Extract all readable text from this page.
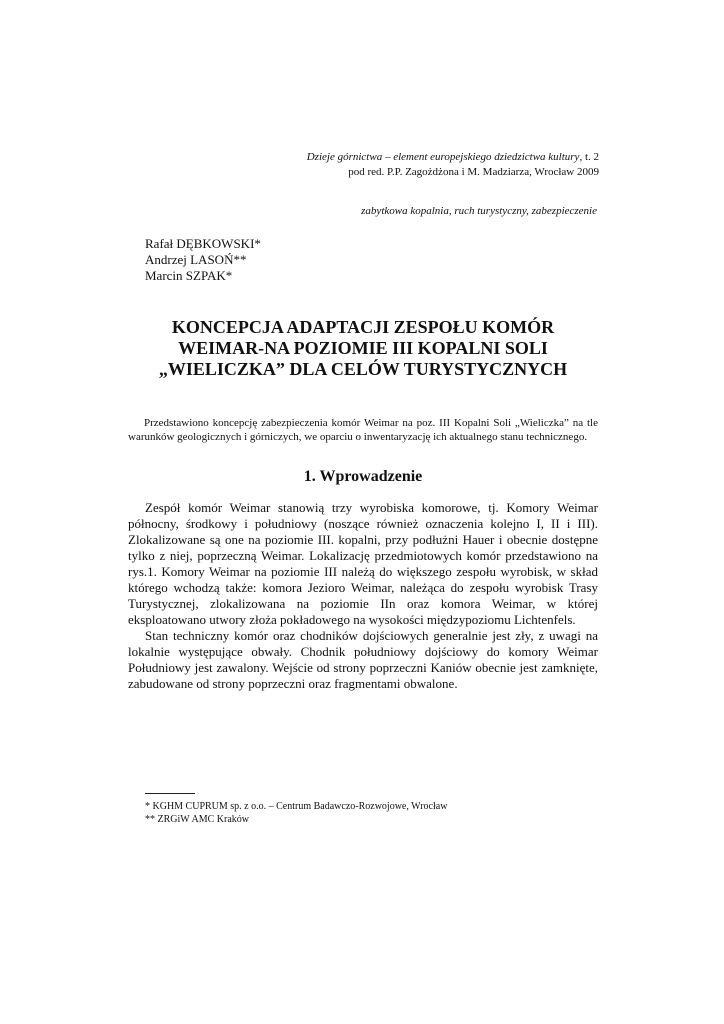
Dzieje górnictwa – element europejskiego dziedzictwa kultury, t. 2
pod red. P.P. Zagożdżona i M. Madziarza, Wrocław 2009
zabytkowa kopalnia, ruch turystyczny, zabezpieczenie
Rafał DĘBKOWSKI*
Andrzej LASOŃ**
Marcin SZPAK*
KONCEPCJA ADAPTACJI ZESPOŁU KOMÓR
WEIMAR-NA POZIOMIE III KOPALNI SOLI
„WIELICZKA” DLA CELÓW TURYSTYCZNYCH
Przedstawiono koncepcję zabezpieczenia komór Weimar na poz. III Kopalni Soli „Wieliczka” na tle warunków geologicznych i górniczych, we oparciu o inwentaryzację ich aktualnego stanu technicznego.
1. Wprowadzenie

Zespół komór Weimar stanowią trzy wyrobiska komorowe, tj. Komory Weimar północny, środkowy i południowy (noszące również oznaczenia kolejno I, II i III). Zlokalizowane są one na poziomie III. kopalni, przy podłużni Hauer i obecnie dostępne tylko z niej, poprzeczną Weimar. Lokalizację przedmiotowych komór przedstawiono na rys.1. Komory Weimar na poziomie III należą do większego zespołu wyrobisk, w skład którego wchodzą także: komora Jezioro Weimar, należąca do zespołu wyrobisk Trasy Turystycznej, zlokalizowana na poziomie IIn oraz komora Weimar, w której eksploatowano utwory złoża pokładowego na wysokości międzypoziomu Lichtenfels.

Stan techniczny komór oraz chodników dojściowych generalnie jest zły, z uwagi na lokalnie występujące obwały. Chodnik południowy dojściowy do komory Weimar Południowy jest zawalony. Wejście od strony poprzeczni Kaniów obecnie jest zamknięte, zabudowane od strony poprzeczni oraz fragmentami obwalone.

* KGHM CUPRUM sp. z o.o. – Centrum Badawczo-Rozwojowe, Wrocław
** ZRGiW AMC Kraków
